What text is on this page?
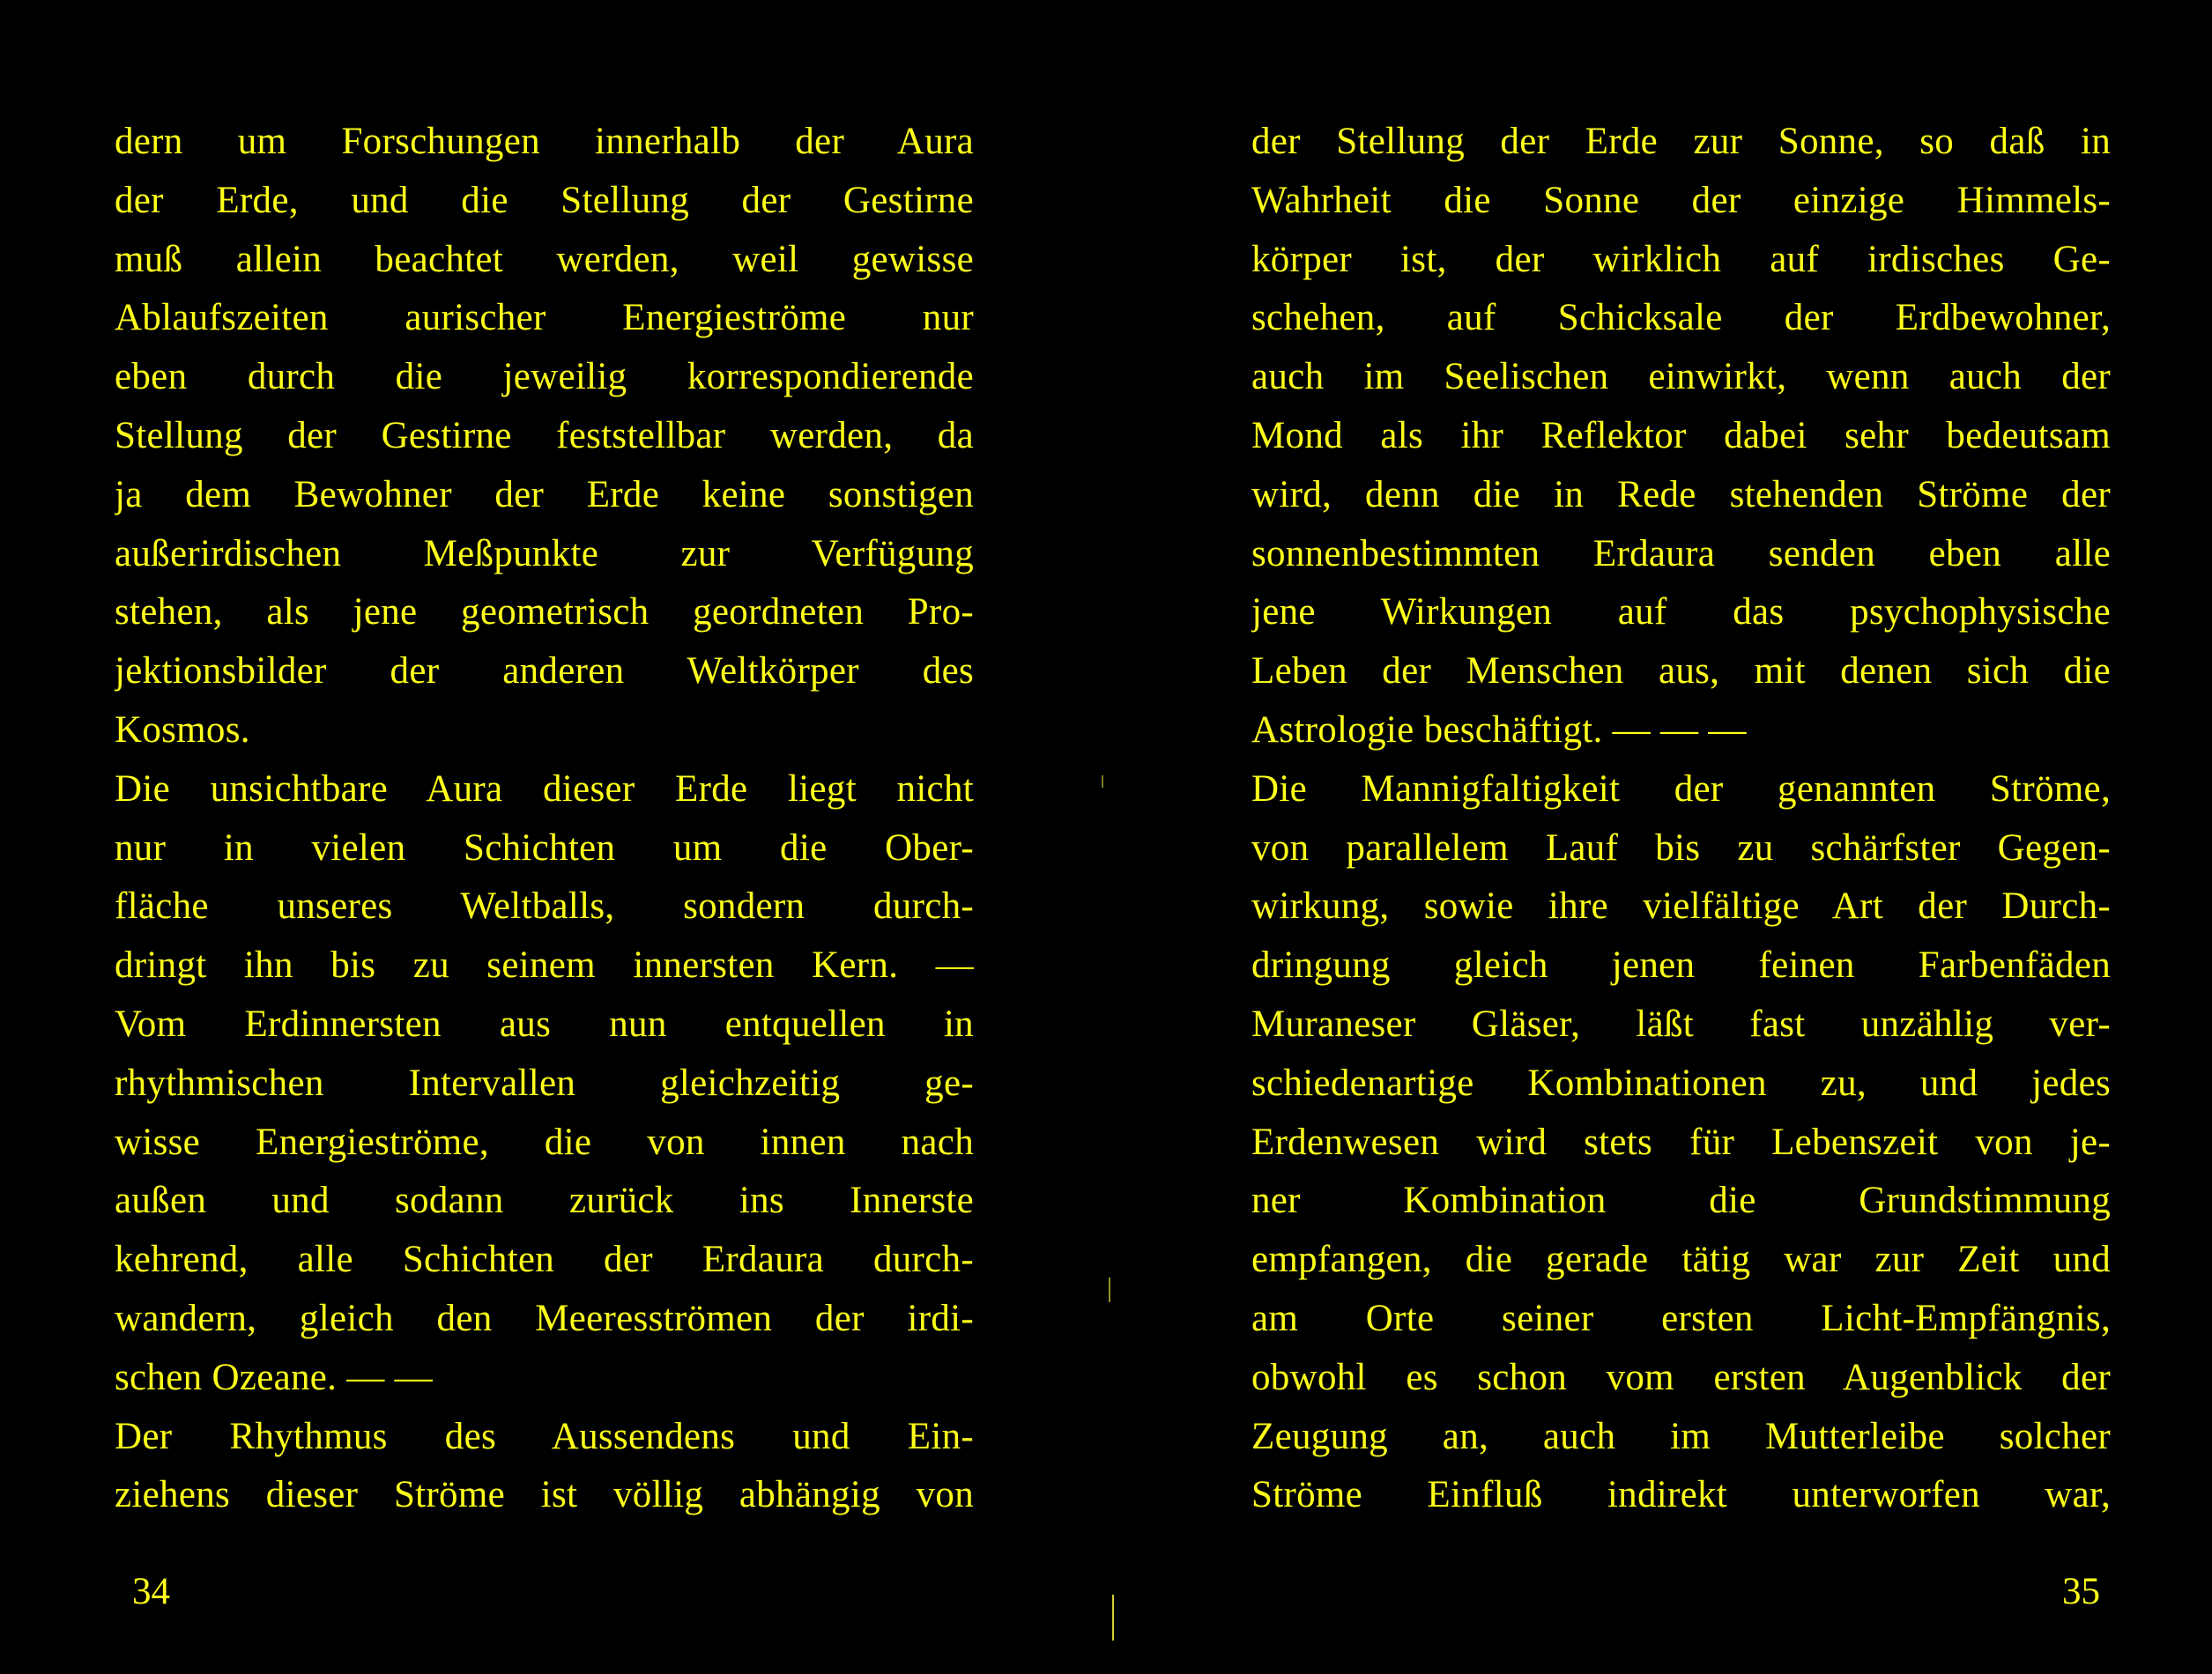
dern um Forschungen innerhalb der Aura
der Erde, und die Stellung der Gestirne
muß allein beachtet werden, weil gewisse
Ablaufszeiten aurischer Energieströme nur
eben durch die jeweilig korrespondierende
Stellung der Gestirne feststellbar werden, da
ja dem Bewohner der Erde keine sonstigen
außerirdischen Meßpunkte zur Verfügung
stehen, als jene geometrisch geordneten Pro-
jektionsbilder der anderen Weltkörper des
Kosmos.
Die unsichtbare Aura dieser Erde liegt nicht
nur in vielen Schichten um die Ober-
fläche unseres Weltballs, sondern durch-
dringt ihn bis zu seinem innersten Kern. —
Vom Erdinnersten aus nun entquellen in
rhythmischen Intervallen gleichzeitig ge-
wisse Energieströme, die von innen nach
außen und sodann zurück ins Innerste
kehrend, alle Schichten der Erdaura durch-
wandern, gleich den Meeresströmen der irdi-
schen Ozeane. — —
Der Rhythmus des Aussendens und Ein-
ziehens dieser Ströme ist völlig abhängig von
der Stellung der Erde zur Sonne, so daß in
Wahrheit die Sonne der einzige Himmels-
körper ist, der wirklich auf irdisches Ge-
schehen, auf Schicksale der Erdbewohner,
auch im Seelischen einwirkt, wenn auch der
Mond als ihr Reflektor dabei sehr bedeutsam
wird, denn die in Rede stehenden Ströme der
sonnenbestimmten Erdaura senden eben alle
jene Wirkungen auf das psychophysische
Leben der Menschen aus, mit denen sich die
Astrologie beschäftigt. — — —
Die Mannigfaltigkeit der genannten Ströme,
von parallelem Lauf bis zu schärfster Gegen-
wirkung, sowie ihre vielfältige Art der Durch-
dringung gleich jenen feinen Farbenfäden
Muraneser Gläser, läßt fast unzählig ver-
schiedenartige Kombinationen zu, und jedes
Erdenwesen wird stets für Lebenszeit von je-
ner Kombination die Grundstimmung
empfangen, die gerade tätig war zur Zeit und
am Orte seiner ersten Licht-Empfängnis,
obwohl es schon vom ersten Augenblick der
Zeugung an, auch im Mutterleibe solcher
Ströme Einfluß indirekt unterworfen war,
34	35
